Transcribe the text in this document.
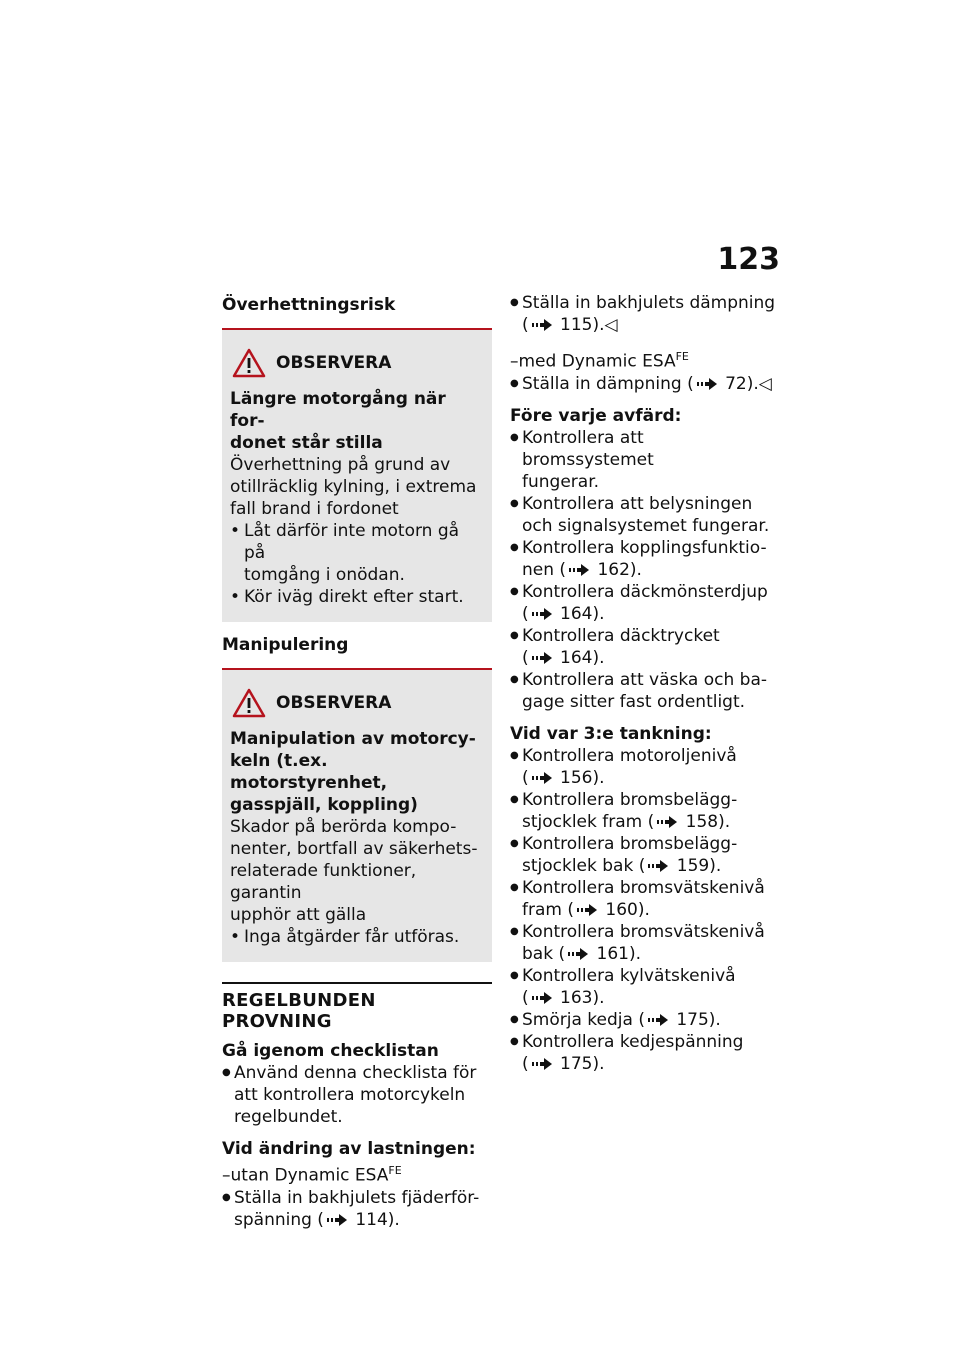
123
Överhettningsrisk
OBSERVERA
Längre motorgång när for-
donet står stilla
Överhettning på grund av
otillräcklig kylning, i extrema
fall brand i fordonet
• Låt därför inte motorn gå på
tomgång i onödan.
• Kör iväg direkt efter start.
Manipulering
OBSERVERA
Manipulation av motorcy-
keln (t.ex. motorstyrenhet,
gasspjäll, koppling)
Skador på berörda kompo-
nenter, bortfall av säkerhets-
relaterade funktioner, garantin
upphör att gälla
• Inga åtgärder får utföras.
REGELBUNDEN PROVNING
Gå igenom checklistan
● Använd denna checklista för
att kontrollera motorcykeln
regelbundet.
Vid ändring av lastningen:
–utan Dynamic $ESA^{FE}$
● Ställa in bakhjulets fjäderför-
spänning ( 114).
● Ställa in bakhjulets dämpning
( 115).◁
–med Dynamic $ESA^{FE}$
● Ställa in dämpning ( 72).◁
Före varje avfärd:
● Kontrollera att bromssystemet
fungerar.
● Kontrollera att belysningen
och signalsystemet fungerar.
● Kontrollera kopplingsfunktio-
nen ( 162).
● Kontrollera däckmönsterdjup
( 164).
● Kontrollera däcktrycket
( 164).
● Kontrollera att väska och ba-
gage sitter fast ordentligt.
Vid var 3:e tankning:
● Kontrollera motoroljenivå
( 156).
● Kontrollera bromsbelägg-
stjocklek fram ( 158).
● Kontrollera bromsbelägg-
stjocklek bak ( 159).
● Kontrollera bromsvätskenivå
fram ( 160).
● Kontrollera bromsvätskenivå
bak ( 161).
● Kontrollera kylvätskenivå
( 163).
● Smörja kedja ( 175).
● Kontrollera kedjespänning
( 175).
